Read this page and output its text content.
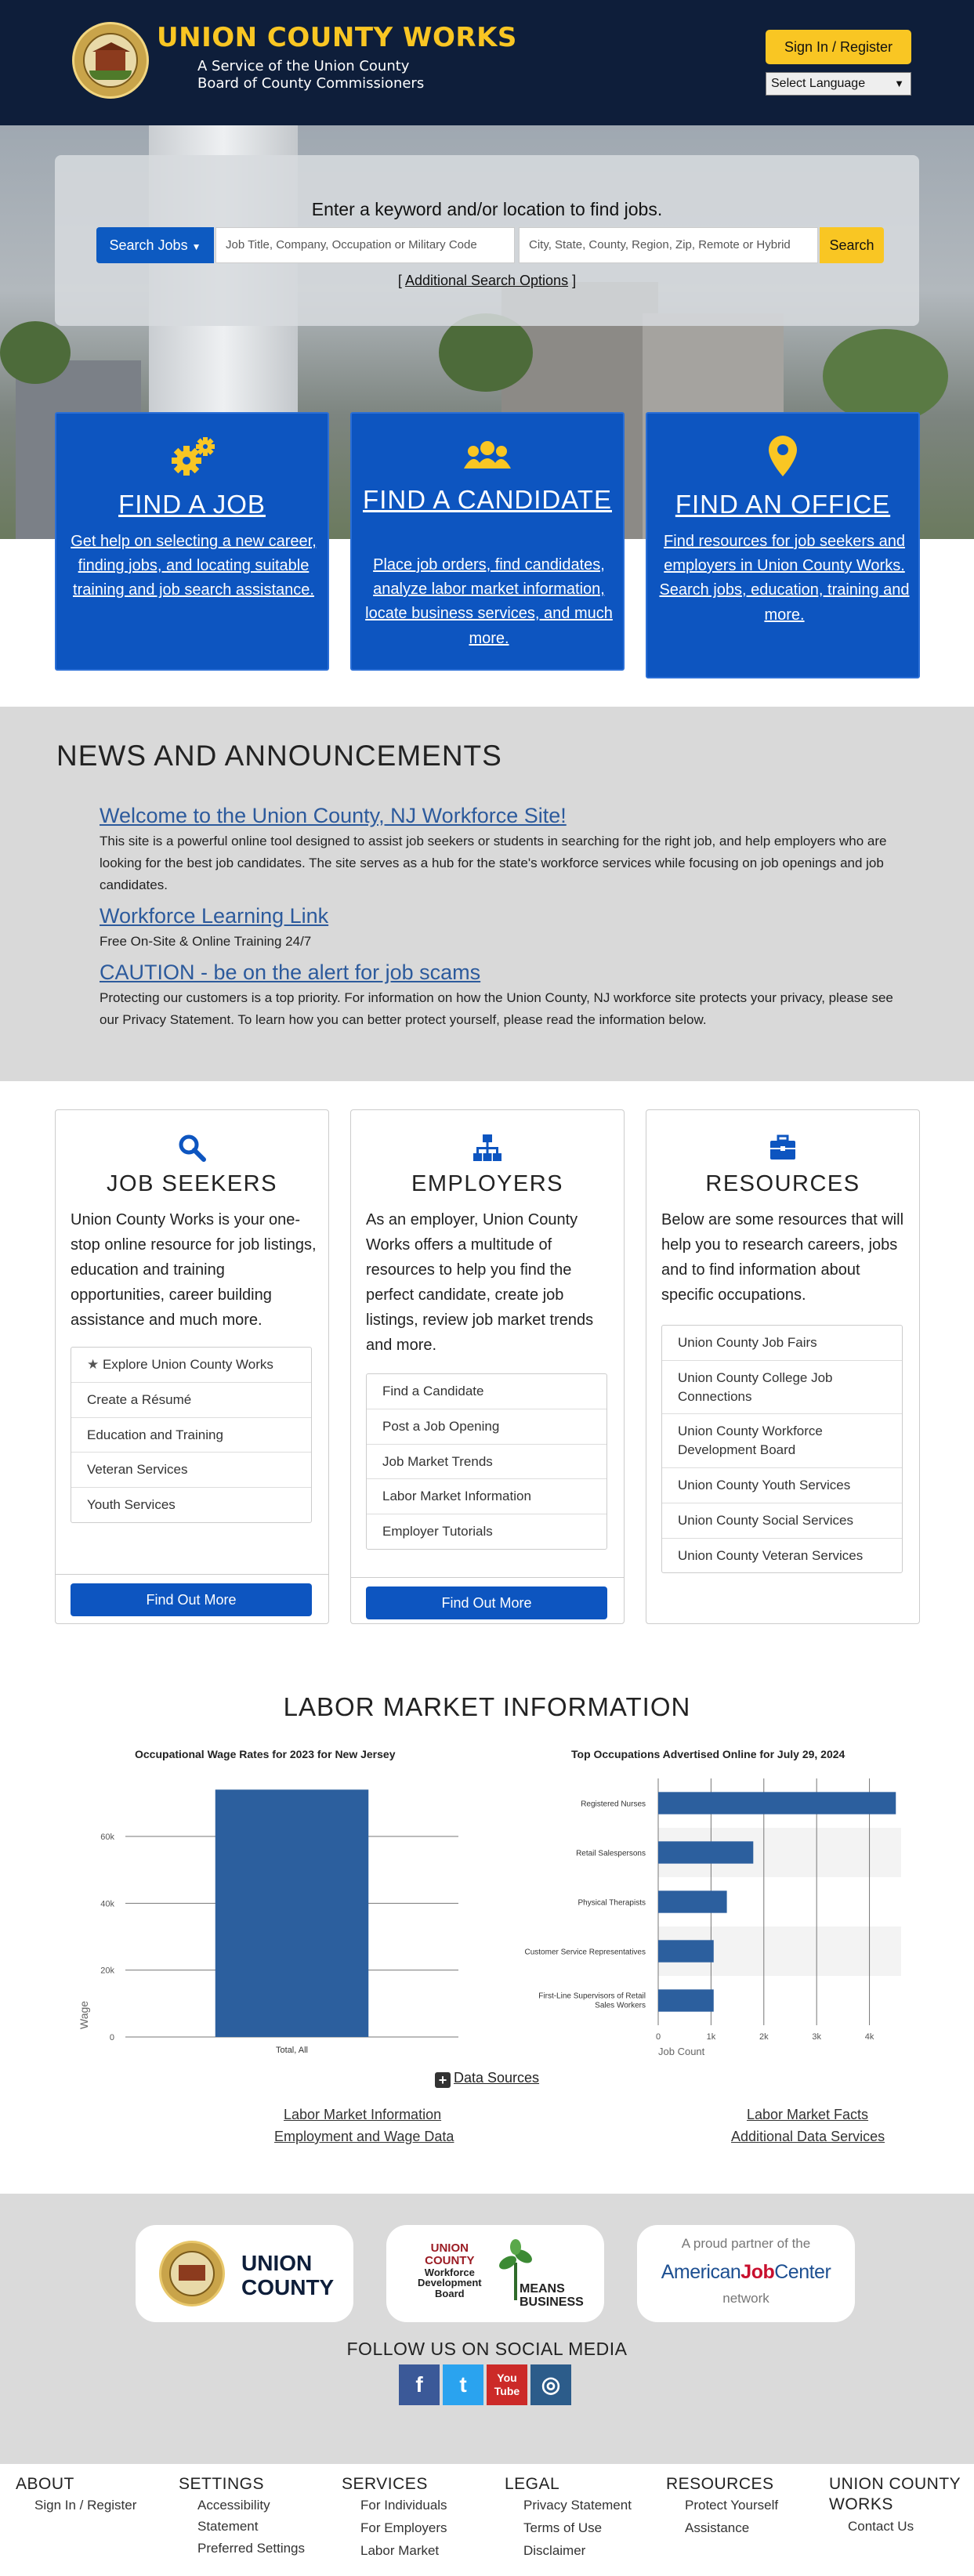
UNION COUNTY WORKS
A Service of the Union County
Board of County Commissioners
Sign In / Register
Select Language	▼
Enter a keyword and/or location to find jobs.
Search Jobs ▼	Job Title, Company, Occupation or Military Code	City, State, County, Region, Zip, Remote or Hybrid	Search
[ Additional Search Options ]
FIND A JOB

Get help on selecting a new career, finding jobs, and locating suitable training and job search assistance.

FIND A CANDIDATE

Place job orders, find candidates, analyze labor market information, locate business services, and much more.

FIND AN OFFICE

Find resources for job seekers and employers in Union County Works. Search jobs, education, training and more.

NEWS AND ANNOUNCEMENTS
Welcome to the Union County, NJ Workforce Site!
This site is a powerful online tool designed to assist job seekers or students in searching for the right job, and help employers who are looking for the best job candidates. The site serves as a hub for the state's workforce services while focusing on job openings and job candidates.
Workforce Learning Link
Free On-Site & Online Training 24/7
CAUTION - be on the alert for job scams
Protecting our customers is a top priority. For information on how the Union County, NJ workforce site protects your privacy, please see our Privacy Statement. To learn how you can better protect yourself, please read the information below.
JOB SEEKERS
Union County Works is your one-stop online resource for job listings, education and training opportunities, career building assistance and much more.
★ Explore Union County Works
Create a Résumé
Education and Training
Veteran Services
Youth Services
Find Out More
EMPLOYERS
As an employer, Union County Works offers a multitude of resources to help you find the perfect candidate, create job listings, review job market trends and more.
Find a Candidate
Post a Job Opening
Job Market Trends
Labor Market Information
Employer Tutorials
Find Out More
RESOURCES
Below are some resources that will help you to research careers, jobs and to find information about specific occupations.
Union County Job Fairs
Union County College Job Connections
Union County Workforce Development Board
Union County Youth Services
Union County Social Services
Union County Veteran Services
LABOR MARKET INFORMATION
Occupational Wage Rates for 2023 for New Jersey	Top Occupations Advertised Online for July 29, 2024
0
20k
40k
60k
Total, All
Wage
0	1k	2k	3k	4k
Registered Nurses
Retail Salespersons
Physical Therapists
Customer Service Representatives
First-Line Supervisors of Retail Sales Workers
Job Count
+ Data Sources
Labor Market Information
Employment and Wage Data
Labor Market Facts
Additional Data Services
UNION COUNTY
UNION
COUNTY
Workforce
Development
Board	MEANS
BUSINESS
A proud partner of the
AmericanJobCenter
network
FOLLOW US ON SOCIAL MEDIA
f	t	You Tube ◎
ABOUT
Sign In / Register
SETTINGS
Accessibility Statement
Preferred Settings
SERVICES
For Individuals
For Employers
Labor Market
LEGAL
Privacy Statement
Terms of Use
Disclaimer
RESOURCES
Protect Yourself
Assistance
UNION COUNTY WORKS
Contact Us
